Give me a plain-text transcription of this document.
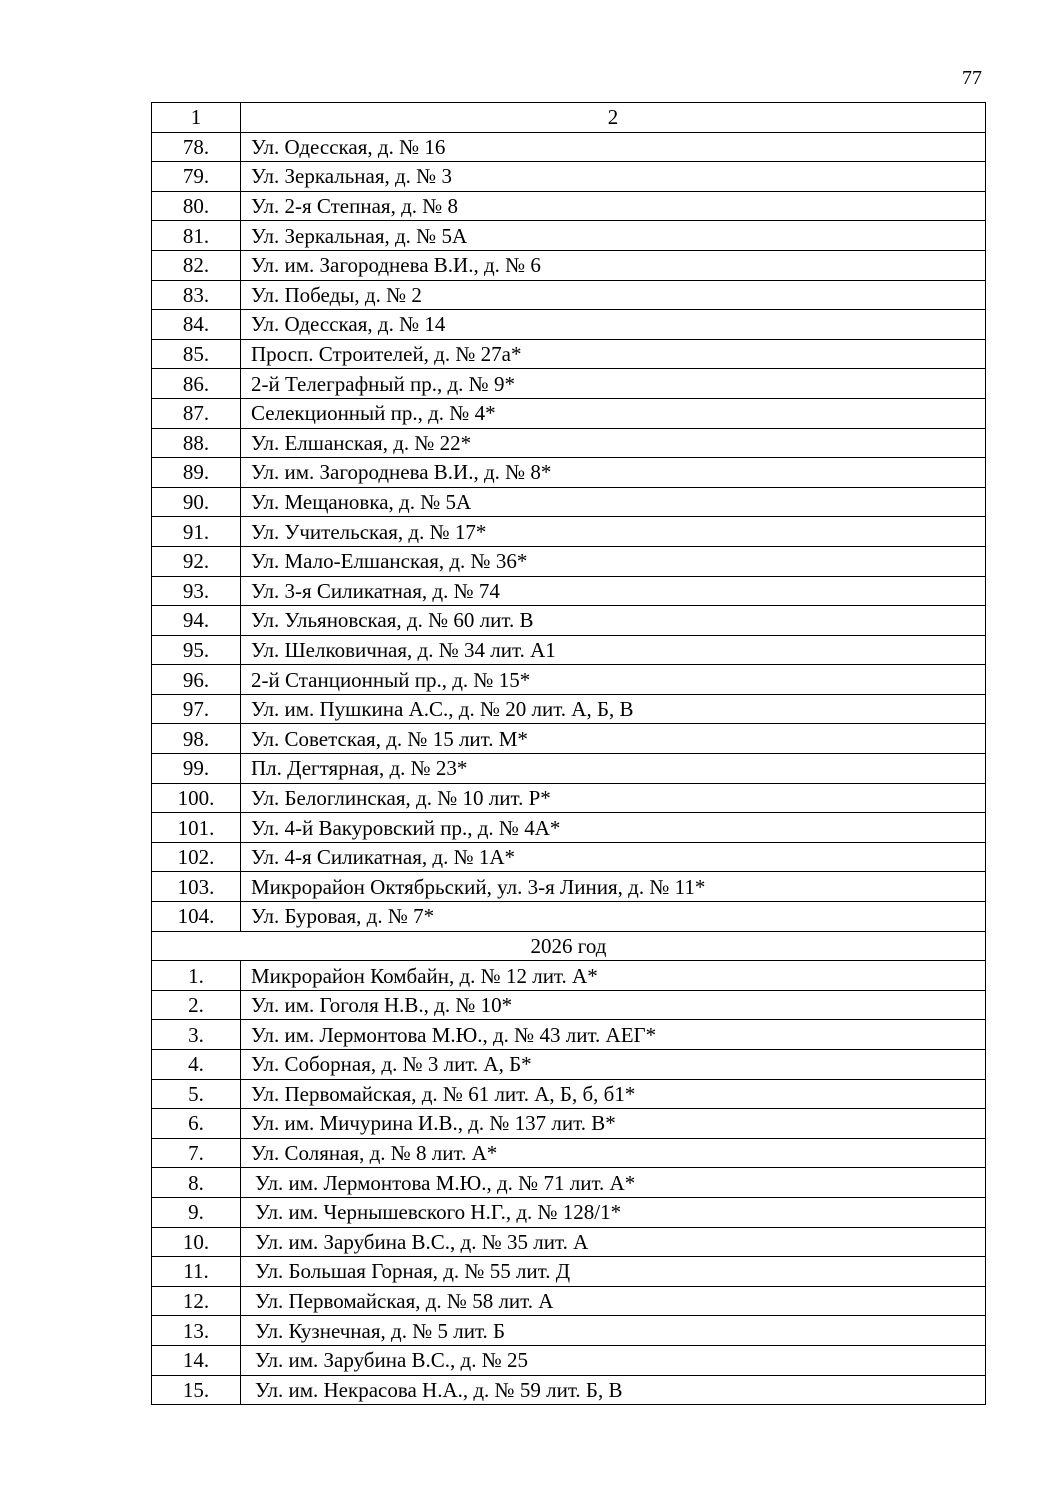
77
1	2
78.	Ул. Одесская, д. № 16
79.	Ул. Зеркальная, д. № 3
80.	Ул. 2-я Степная, д. № 8
81.	Ул. Зеркальная, д. № 5А
82.	Ул. им. Загороднева В.И., д. № 6
83.	Ул. Победы, д. № 2
84.	Ул. Одесская, д. № 14
85.	Просп. Строителей, д. № 27а*
86.	2-й Телеграфный пр., д. № 9*
87.	Селекционный пр., д. № 4*
88.	Ул. Елшанская, д. № 22*
89.	Ул. им. Загороднева В.И., д. № 8*
90.	Ул. Мещановка, д. № 5А
91.	Ул. Учительская, д. № 17*
92.	Ул. Мало-Елшанская, д. № 36*
93.	Ул. 3-я Силикатная, д. № 74
94.	Ул. Ульяновская, д. № 60 лит. В
95.	Ул. Шелковичная, д. № 34 лит. А1
96.	2-й Станционный пр., д. № 15*
97.	Ул. им. Пушкина А.С., д. № 20 лит. А, Б, В
98.	Ул. Советская, д. № 15 лит. М*
99.	Пл. Дегтярная, д. № 23*
100.	Ул. Белоглинская, д. № 10 лит. Р*
101.	Ул. 4-й Вакуровский пр., д. № 4А*
102.	Ул. 4-я Силикатная, д. № 1А*
103.	Микрорайон Октябрьский, ул. 3-я Линия, д. № 11*
104.	Ул. Буровая, д. № 7*
2026 год	
1.	Микрорайон Комбайн, д. № 12 лит. А*
2.	Ул. им. Гоголя Н.В., д. № 10*
3.	Ул. им. Лермонтова М.Ю., д. № 43 лит. АЕГ*
4.	Ул. Соборная, д. № 3 лит. А, Б*
5.	Ул. Первомайская, д. № 61 лит. А, Б, б, б1*
6.	Ул. им. Мичурина И.В., д. № 137 лит. В*
7.	Ул. Соляная, д. № 8 лит. А*
8.	Ул. им. Лермонтова М.Ю., д. № 71 лит. А*
9.	Ул. им. Чернышевского Н.Г., д. № 128/1*
10.	Ул. им. Зарубина В.С., д. № 35 лит. А
11.	Ул. Большая Горная, д. № 55 лит. Д
12.	Ул. Первомайская, д. № 58 лит. А
13.	Ул. Кузнечная, д. № 5 лит. Б
14.	Ул. им. Зарубина В.С., д. № 25
15.	Ул. им. Некрасова Н.А., д. № 59 лит. Б, В
